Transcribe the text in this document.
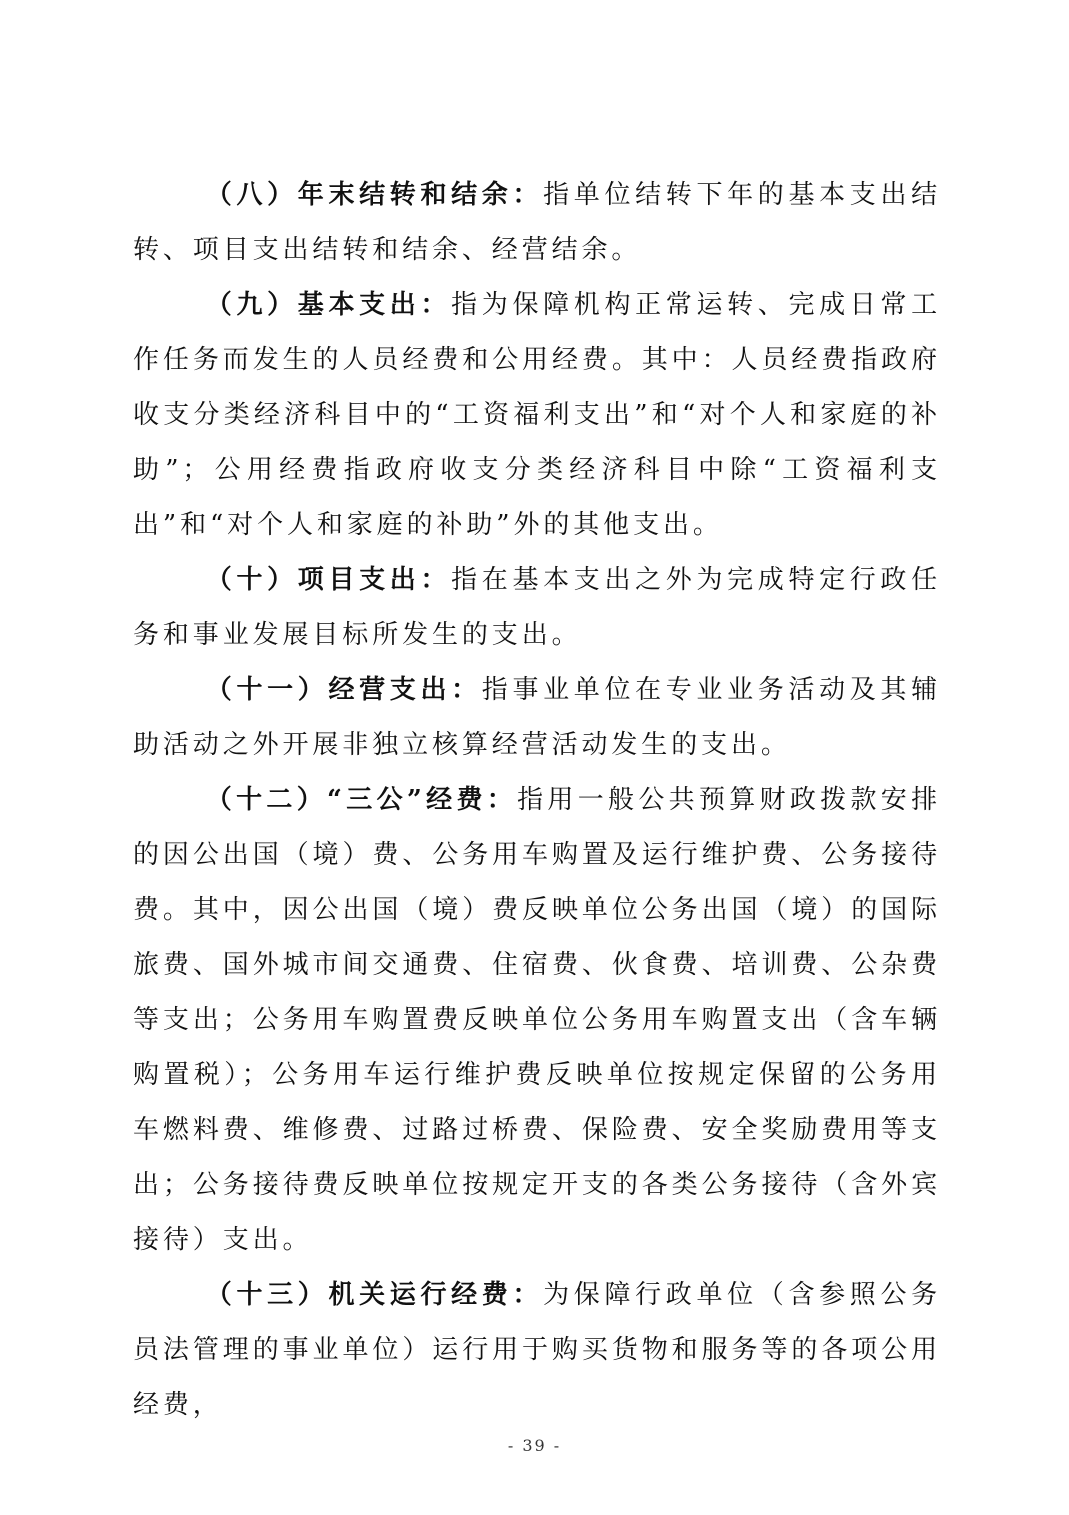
（八）年末结转和结余：指单位结转下年的基本支出结转、项目支出结转和结余、经营结余。

（九）基本支出：指为保障机构正常运转、完成日常工作任务而发生的人员经费和公用经费。其中：人员经费指政府收支分类经济科目中的“工资福利支出”和“对个人和家庭的补助”；公用经费指政府收支分类经济科目中除“工资福利支出”和“对个人和家庭的补助”外的其他支出。

（十）项目支出：指在基本支出之外为完成特定行政任务和事业发展目标所发生的支出。

（十一）经营支出：指事业单位在专业业务活动及其辅助活动之外开展非独立核算经营活动发生的支出。

（十二）“三公”经费：指用一般公共预算财政拨款安排的因公出国（境）费、公务用车购置及运行维护费、公务接待费。其中，因公出国（境）费反映单位公务出国（境）的国际旅费、国外城市间交通费、住宿费、伙食费、培训费、公杂费等支出；公务用车购置费反映单位公务用车购置支出（含车辆购置税）；公务用车运行维护费反映单位按规定保留的公务用车燃料费、维修费、过路过桥费、保险费、安全奖励费用等支出；公务接待费反映单位按规定开支的各类公务接待（含外宾接待）支出。

（十三）机关运行经费：为保障行政单位（含参照公务员法管理的事业单位）运行用于购买货物和服务等的各项公用经费，

- 39 -
